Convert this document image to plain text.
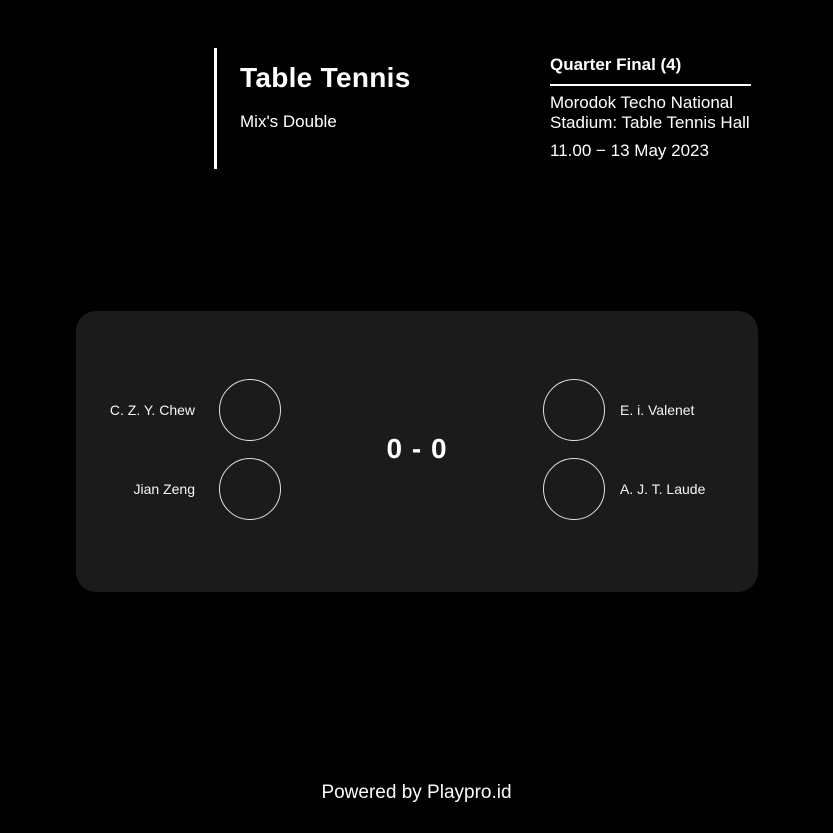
Table Tennis
Mix's Double
Quarter Final (4)
Morodok Techo National Stadium: Table Tennis Hall
11.00 − 13 May 2023
C. Z. Y. Chew
Jian Zeng
0 - 0
E. i. Valenet
A. J. T. Laude
Powered by Playpro.id
